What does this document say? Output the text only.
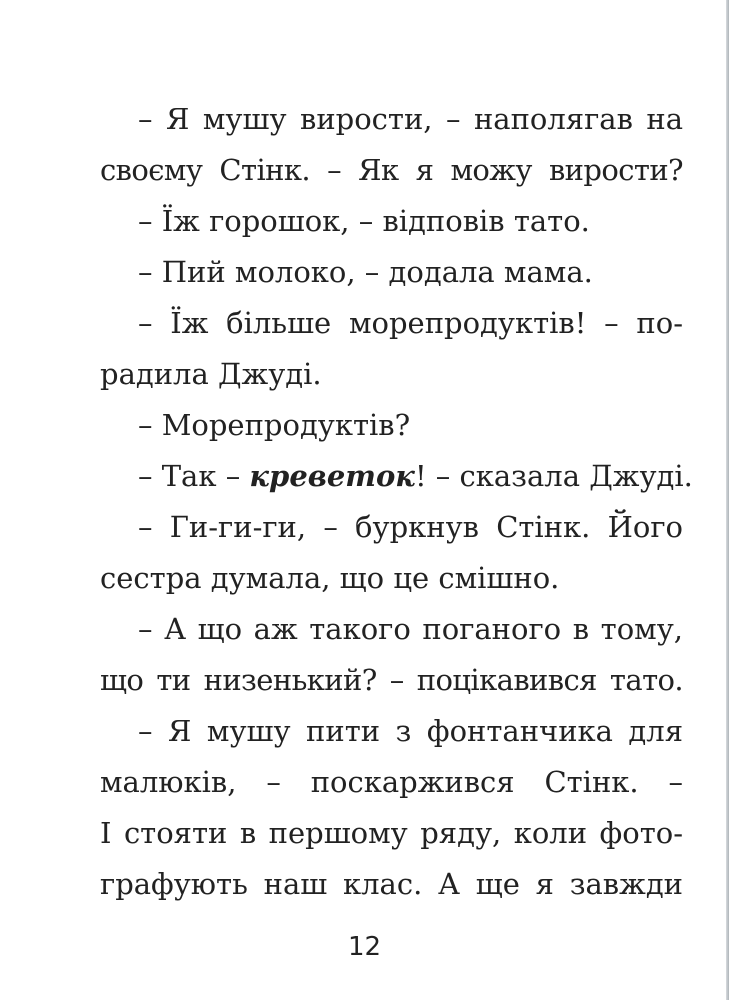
– Я мушу вирости, – наполягав на
своєму Стінк. – Як я можу вирости?
– Їж горошок, – відповів тато.
– Пий молоко, – додала мама.
– Їж більше морепродуктів! – по-
радила Джуді.
– Морепродуктів?
– Так – креветок! – сказала Джуді.
– Ги-ги-ги, – буркнув Стінк. Його
сестра думала, що це смішно.
– А що аж такого поганого в тому,
що ти низенький? – поцікавився тато.
– Я мушу пити з фонтанчика для
малюків, – поскаржився Стінк. –
І стояти в першому ряду, коли фото-
графують наш клас. А ще я завжди
12
